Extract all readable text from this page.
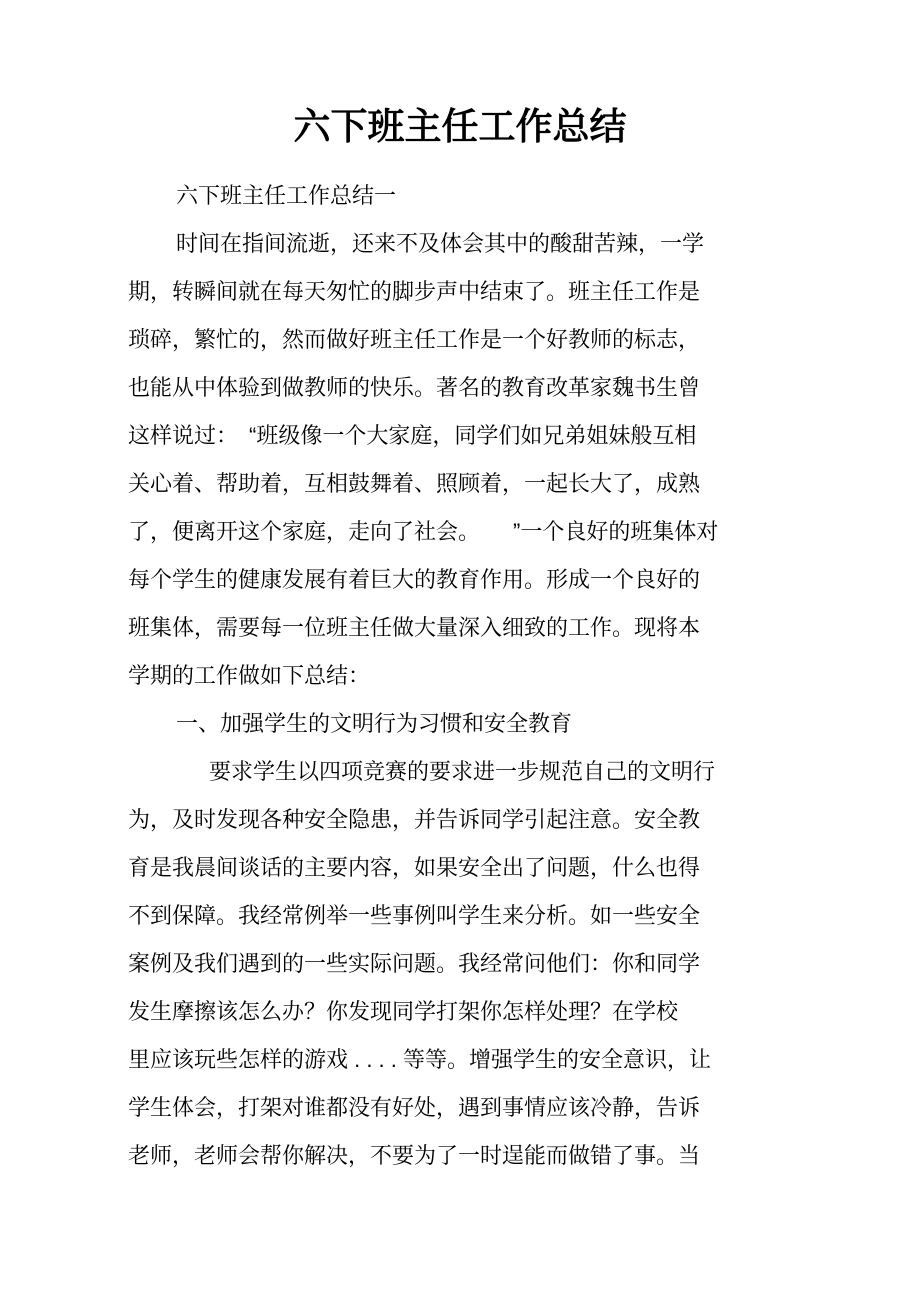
六下班主任工作总结
六下班主任工作总结一
时间在指间流逝，还来不及体会其中的酸甜苦辣，一学
期，转瞬间就在每天匆忙的脚步声中结束了。班主任工作是
琐碎，繁忙的，然而做好班主任工作是一个好教师的标志，
也能从中体验到做教师的快乐。著名的教育改革家魏书生曾
这样说过：　“班级像一个大家庭，同学们如兄弟姐妹般互相
关心着、帮助着，互相鼓舞着、照顾着，一起长大了，成熟
了，便离开这个家庭，走向了社会。　　”一个良好的班集体对
每个学生的健康发展有着巨大的教育作用。形成一个良好的
班集体，需要每一位班主任做大量深入细致的工作。现将本
学期的工作做如下总结：
一、加强学生的文明行为习惯和安全教育
要求学生以四项竞赛的要求进一步规范自己的文明行
为，及时发现各种安全隐患，并告诉同学引起注意。安全教
育是我晨间谈话的主要内容，如果安全出了问题，什么也得
不到保障。我经常例举一些事例叫学生来分析。如一些安全
案例及我们遇到的一些实际问题。我经常问他们：你和同学
发生摩擦该怎么办？你发现同学打架你怎样处理？在学校
里应该玩些怎样的游戏 . . . . 等等。增强学生的安全意识，让
学生体会，打架对谁都没有好处，遇到事情应该冷静，告诉
老师，老师会帮你解决，不要为了一时逞能而做错了事。当
